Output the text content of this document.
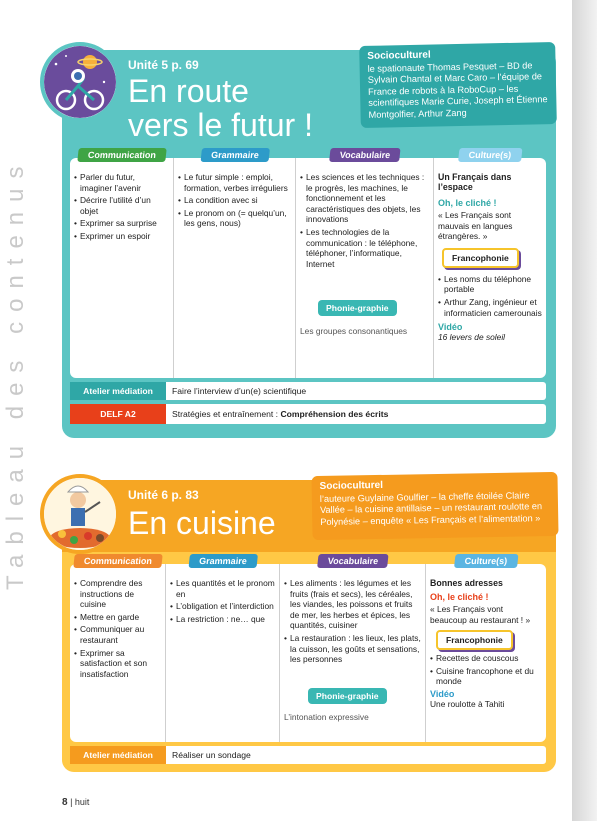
Tableau des contenus
Unité 5 p. 69
En route
vers le futur !
Socioculturel
le spationaute Thomas Pesquet – BD de Sylvain Chantal et Marc Caro – l’équipe de France de robots à la RoboCup – les scientifiques Marie Curie, Joseph et Étienne Montgolfier, Arthur Zang
Communication
• Parler du futur, imaginer l’avenir
• Décrire l’utilité d’un objet
• Exprimer sa surprise
• Exprimer un espoir
Grammaire
• Le futur simple : emploi, formation, verbes irréguliers
• La condition avec si
• Le pronom on (= quelqu’un, les gens, nous)
Vocabulaire
• Les sciences et les techniques : le progrès, les machines, le fonctionnement et les caractéristiques des objets, les innovations
• Les technologies de la communication : le téléphone, téléphoner, l’informatique, Internet
Phonie-graphie
Les groupes consonantiques
Culture(s)
Un Français dans l’espace
Oh, le cliché !
« Les Français sont mauvais en langues étrangères. »
Francophonie
• Les noms du téléphone portable
• Arthur Zang, ingénieur et informaticien camerounais
Vidéo
16 levers de soleil
Atelier médiation	Faire l’interview d’un(e) scientifique
DELF A2	Stratégies et entraînement : Compréhension des écrits
Unité 6 p. 83
En cuisine
Socioculturel
l’auteure Guylaine Goulfier – la cheffe étoilée Claire Vallée – la cuisine antillaise – un restaurant roulotte en Polynésie – enquête « Les Français et l’alimentation »
Communication
• Comprendre des instructions de cuisine
• Mettre en garde
• Communiquer au restaurant
• Exprimer sa satisfaction et son insatisfaction
Grammaire
• Les quantités et le pronom en
• L’obligation et l’interdiction
• La restriction : ne… que
Vocabulaire
• Les aliments : les légumes et les fruits (frais et secs), les céréales, les viandes, les poissons et fruits de mer, les herbes et épices, les quantités, cuisiner
• La restauration : les lieux, les plats, la cuisson, les goûts et sensations, les personnes
Phonie-graphie
L’intonation expressive
Culture(s)
Bonnes adresses
Oh, le cliché !
« Les Français vont beaucoup au restaurant ! »
Francophonie
• Recettes de couscous
• Cuisine francophone et du monde
Vidéo
Une roulotte à Tahiti
Atelier médiation	Réaliser un sondage
8 | huit
